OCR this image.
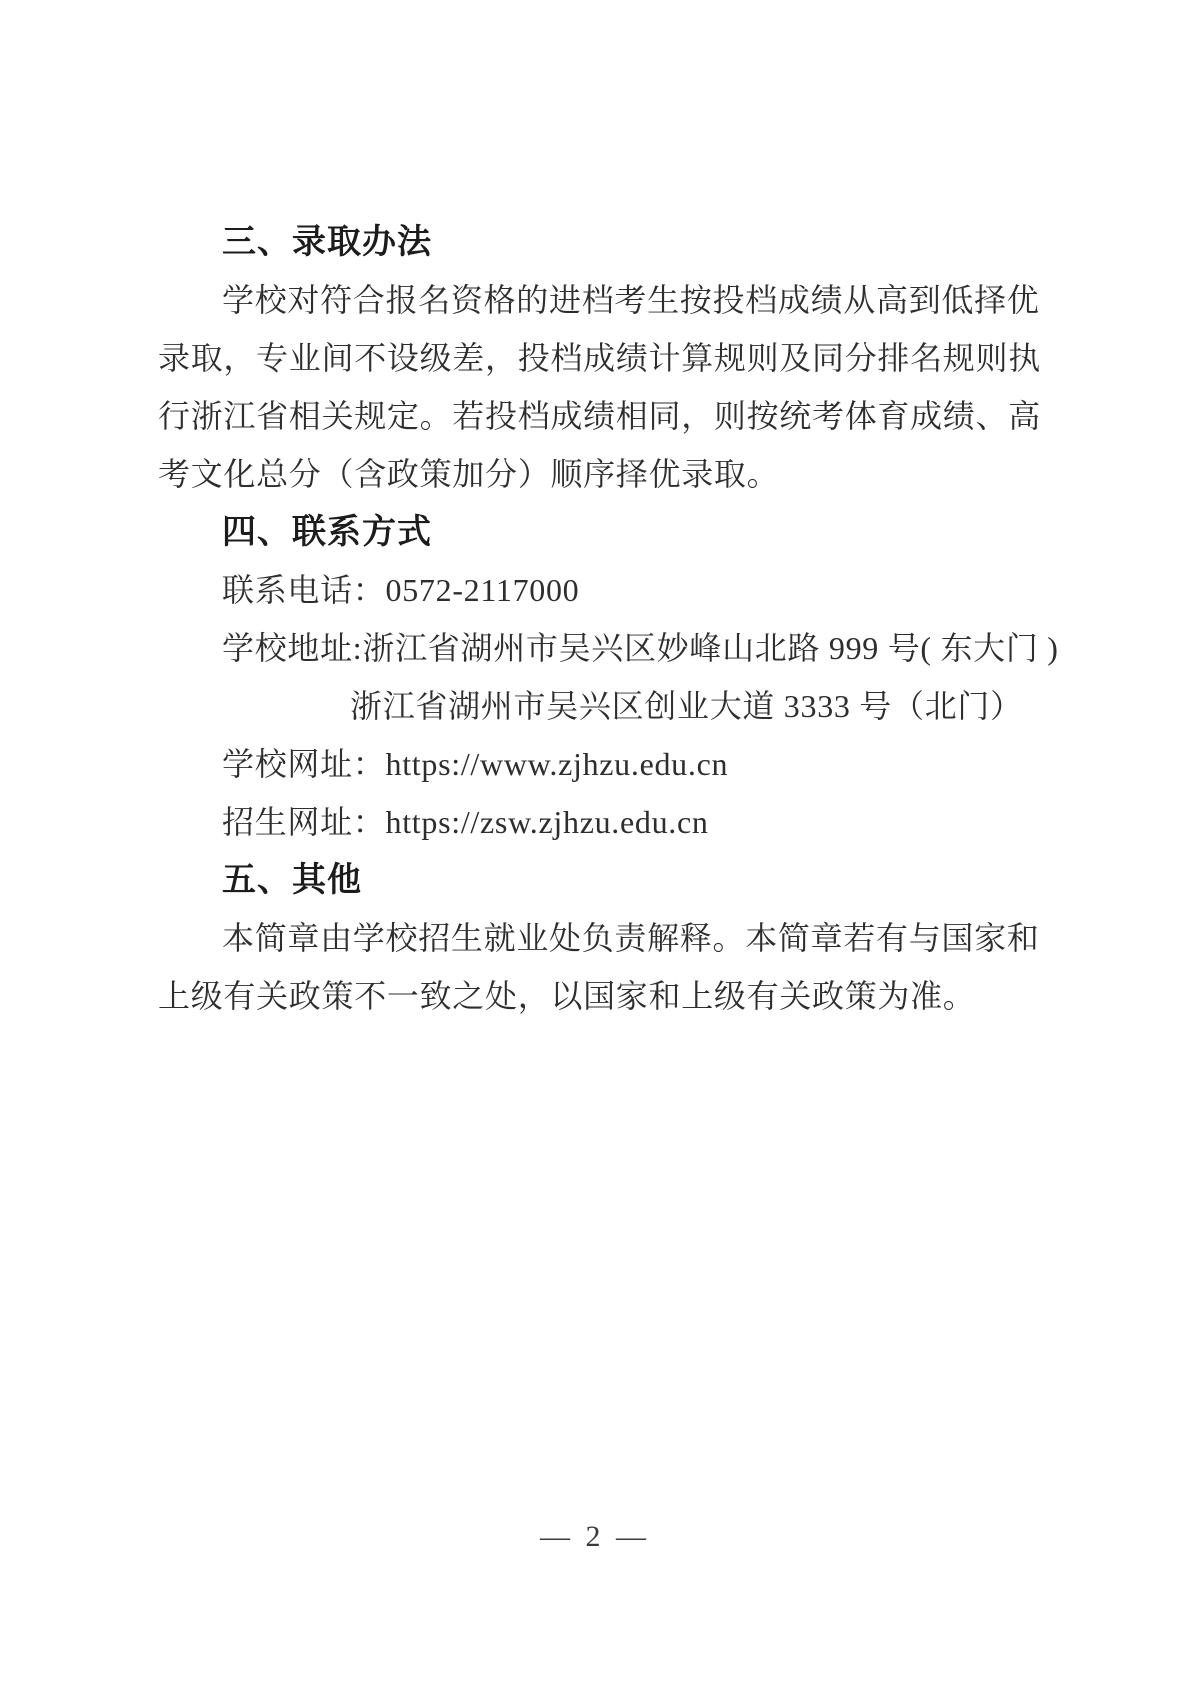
三、录取办法
学校对符合报名资格的进档考生按投档成绩从高到低择优
录取，专业间不设级差，投档成绩计算规则及同分排名规则执
行浙江省相关规定。若投档成绩相同，则按统考体育成绩、高
考文化总分（含政策加分）顺序择优录取。
四、联系方式
联系电话：0572-2117000
学校地址:浙江省湖州市吴兴区妙峰山北路 999 号( 东大门 )
浙江省湖州市吴兴区创业大道 3333 号（北门）
学校网址：https://www.zjhzu.edu.cn
招生网址：https://zsw.zjhzu.edu.cn
五、其他
本简章由学校招生就业处负责解释。本简章若有与国家和
上级有关政策不一致之处，以国家和上级有关政策为准。
— 2 —
